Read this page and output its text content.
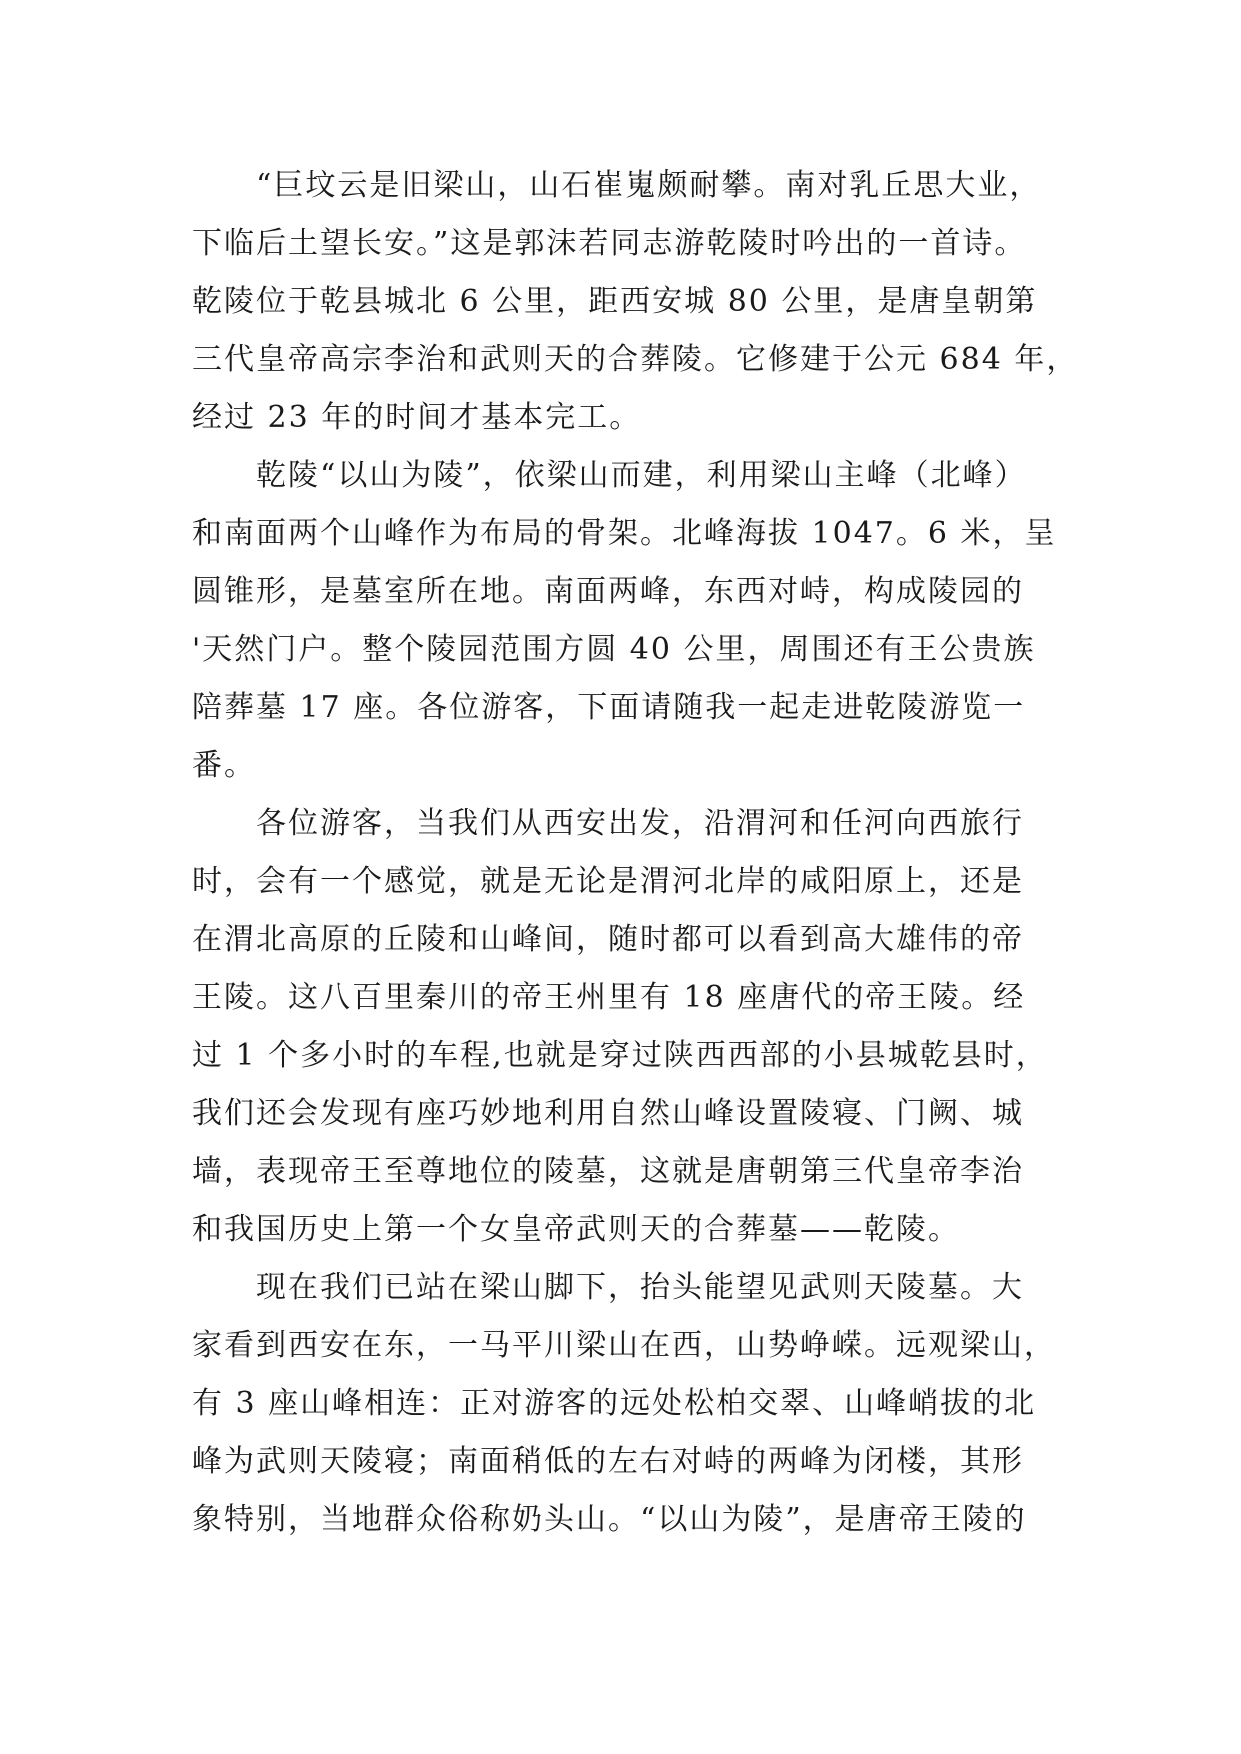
“巨坟云是旧梁山，山石崔嵬颇耐攀。南对乳丘思大业，
下临后土望长安。”这是郭沫若同志游乾陵时吟出的一首诗。
乾陵位于乾县城北 6 公里，距西安城 80 公里，是唐皇朝第
三代皇帝高宗李治和武则天的合葬陵。它修建于公元 684 年，
经过 23 年的时间才基本完工。
乾陵“以山为陵”，依梁山而建，利用梁山主峰（北峰）
和南面两个山峰作为布局的骨架。北峰海拔 1047。6 米，呈
圆锥形，是墓室所在地。南面两峰，东西对峙，构成陵园的
'天然门户。整个陵园范围方圆 40 公里，周围还有王公贵族
陪葬墓 17 座。各位游客，下面请随我一起走进乾陵游览一
番。
各位游客，当我们从西安出发，沿渭河和任河向西旅行
时，会有一个感觉，就是无论是渭河北岸的咸阳原上，还是
在渭北高原的丘陵和山峰间，随时都可以看到高大雄伟的帝
王陵。这八百里秦川的帝王州里有 18 座唐代的帝王陵。经
过 1 个多小时的车程,也就是穿过陕西西部的小县城乾县时，
我们还会发现有座巧妙地利用自然山峰设置陵寝、门阙、城
墙，表现帝王至尊地位的陵墓，这就是唐朝第三代皇帝李治
和我国历史上第一个女皇帝武则天的合葬墓——乾陵。
现在我们已站在梁山脚下，抬头能望见武则天陵墓。大
家看到西安在东，一马平川梁山在西，山势峥嵘。远观梁山，
有 3 座山峰相连：正对游客的远处松柏交翠、山峰峭拔的北
峰为武则天陵寝；南面稍低的左右对峙的两峰为闭楼，其形
象特别，当地群众俗称奶头山。“以山为陵”，是唐帝王陵的
